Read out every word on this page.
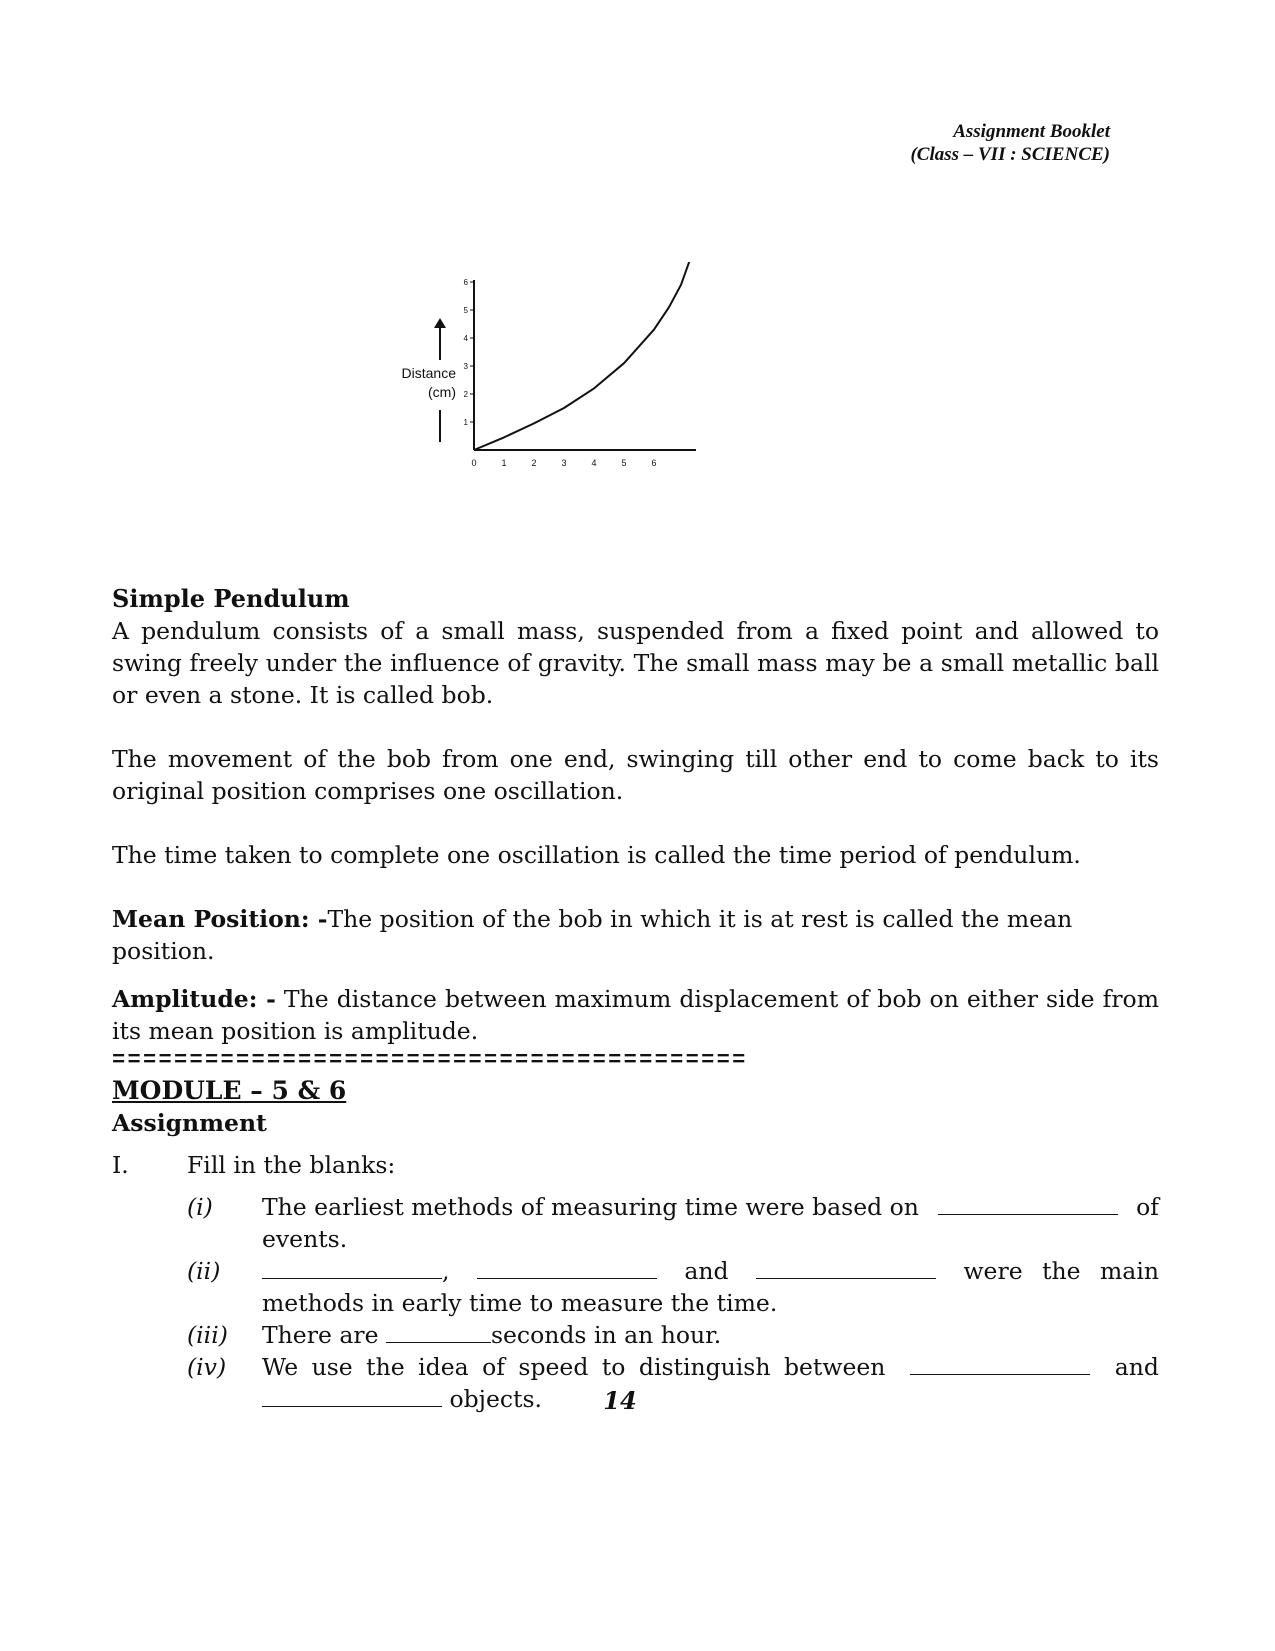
Assignment Booklet
(Class – VII : SCIENCE)
0	1	2	3	4	5	6
1
2
3
4
5
6
Distance
(cm)

Simple Pendulum

A pendulum consists of a small mass, suspended from a fixed point and allowed to swing freely under the influence of gravity. The small mass may be a small metallic ball or even a stone. It is called bob.

The movement of the bob from one end, swinging till other end to come back to its original position comprises one oscillation.

The time taken to complete one oscillation is called the time period of pendulum.

Mean Position: -The position of the bob in which it is at rest is called the mean position.

Amplitude: - The distance between maximum displacement of bob on either side from its mean position is amplitude.

=========================================

MODULE – 5 & 6

Assignment

I.	Fill in the blanks:
(i)	The earliest methods of measuring time were based on	of
events.
(ii)	,	and	were the main
methods in early time to measure the time.
(iii)	There are	seconds in an hour.
(iv)	We use the idea of speed to distinguish between	and
objects.	14
